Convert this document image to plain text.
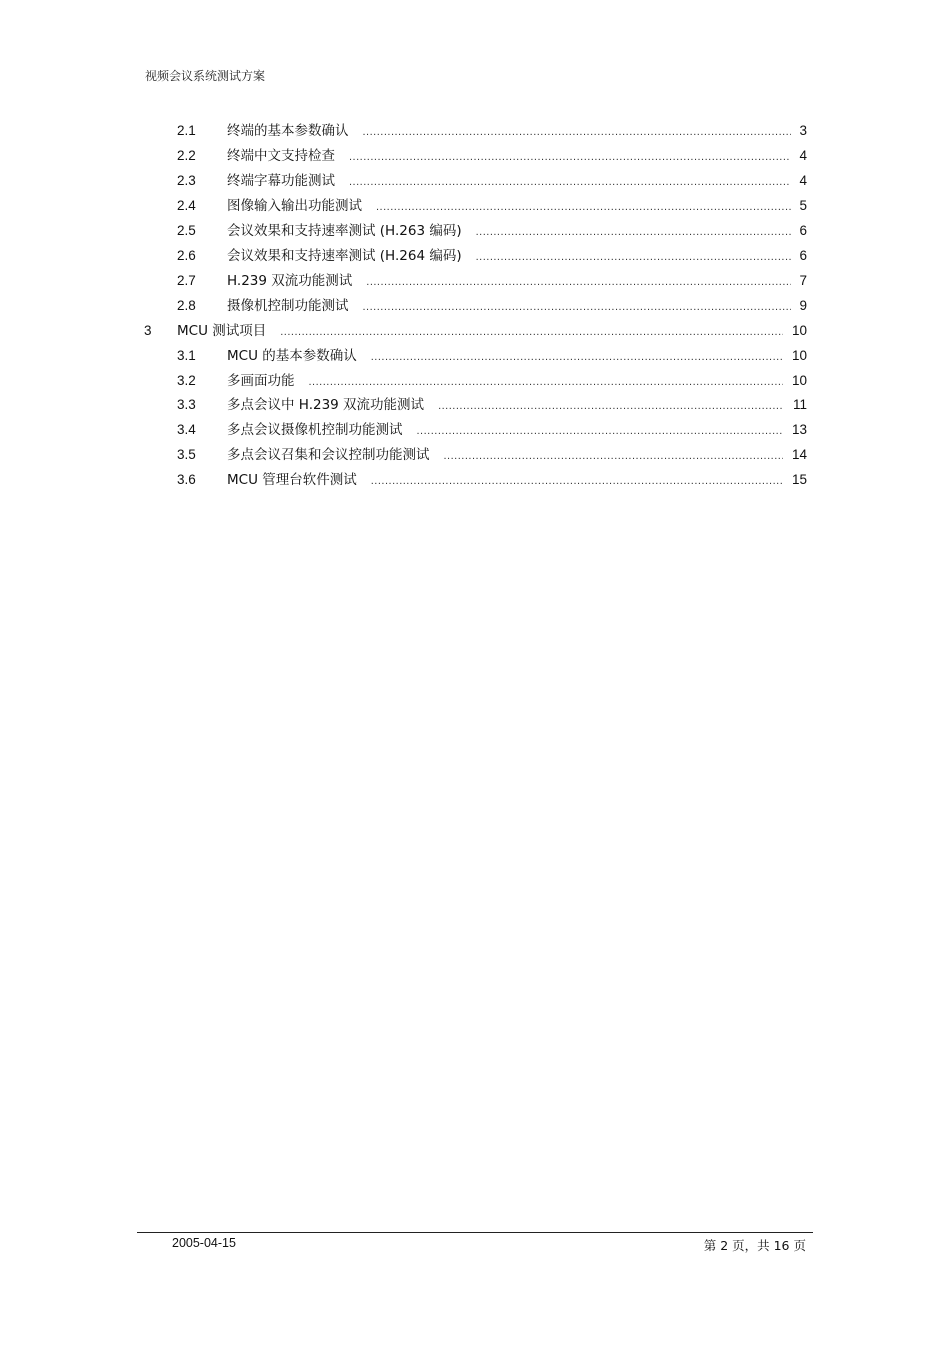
视频会议系统测试方案
2.1 终端的基本参数确认 .....	3
2.2 终端中文支持检查 .....	4
2.3 终端字幕功能测试 .....	4
2.4 图像输入输出功能测试 .....	5
2.5 会议效果和支持速率测试 (H.263 编码) .....	6
2.6 会议效果和支持速率测试 (H.264 编码) .....	6
2.7 H.239 双流功能测试 .....	7
2.8 摄像机控制功能测试 .....	9
3 MCU 测试项目 .....	10
3.1 MCU 的基本参数确认 .....	10
3.2 多画面功能 .....	10
3.3 多点会议中 H.239 双流功能测试 .....	11
3.4 多点会议摄像机控制功能测试 .....	13
3.5 多点会议召集和会议控制功能测试 .....	14
3.6 MCU 管理台软件测试 .....	15
2005-04-15	第 2 页，共 16 页
